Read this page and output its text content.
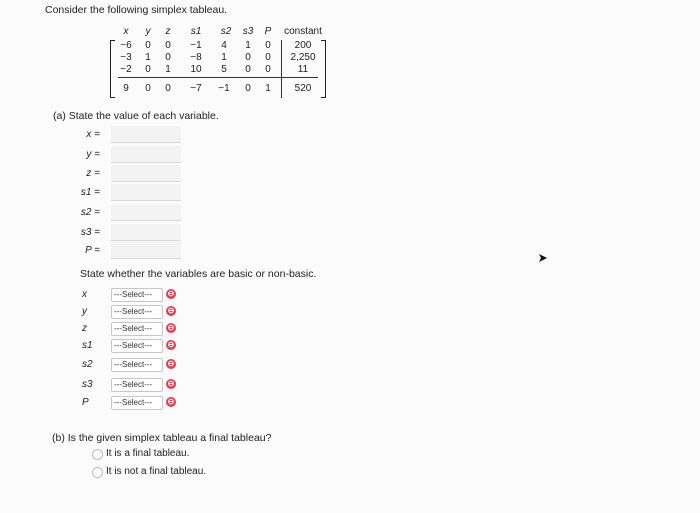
Consider the following simplex tableau.
x	y	z	s1	s2	s3	P	constant
−6	0	0	−1	4	1	0	200
−3	1	0	−8	1	0	0	2,250
−2	0	1	10	5	0	0	11
9	0	0	−7	−1	0	1	520
(a) State the value of each variable.
x =
y =
z =
s1 =
s2 =
s3 =
P =
State whether the variables are basic or non-basic.
x	---Select---	⊖
y	---Select---	⊖
z	---Select---	⊖
s1	---Select---	⊖
s2	---Select---	⊖
s3	---Select---	⊖
P	---Select---	⊖
(b) Is the given simplex tableau a final tableau?
It is a final tableau.
It is not a final tableau.
